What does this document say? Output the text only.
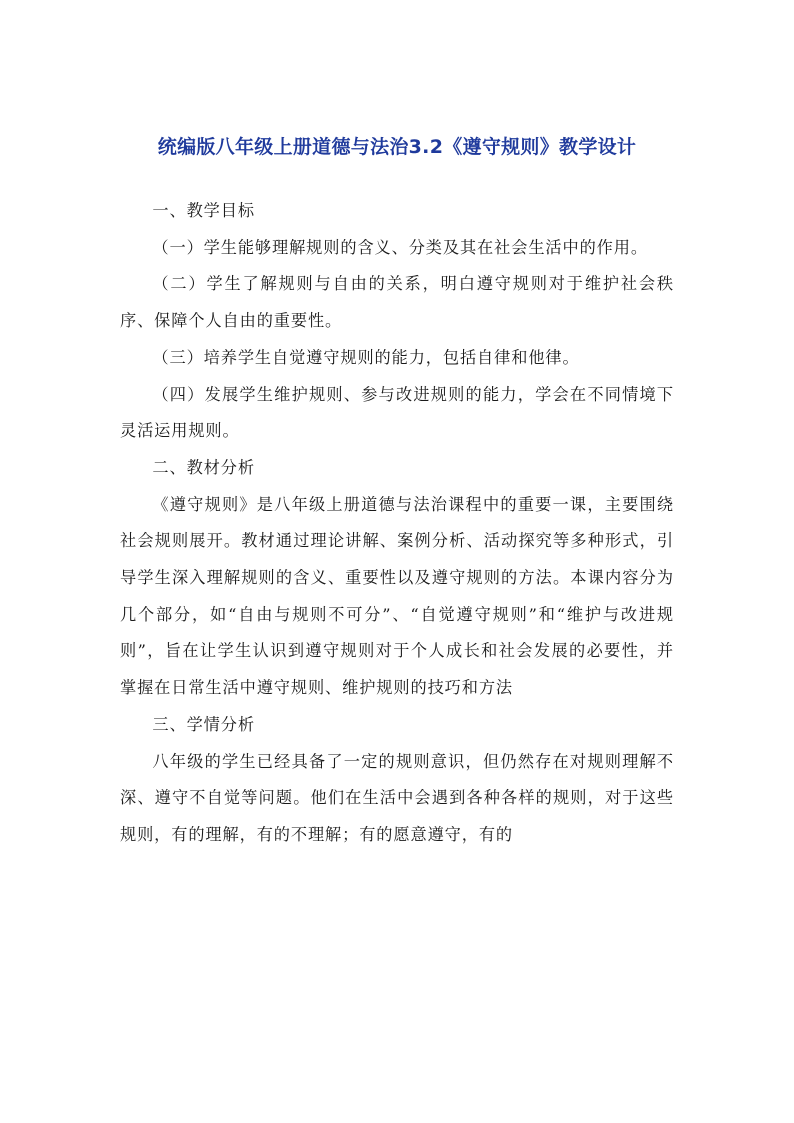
统编版八年级上册道德与法治3.2《遵守规则》教学设计

一、教学目标

（一）学生能够理解规则的含义、分类及其在社会生活中的作用。

（二）学生了解规则与自由的关系，明白遵守规则对于维护社会秩序、保障个人自由的重要性。

（三）培养学生自觉遵守规则的能力，包括自律和他律。

（四）发展学生维护规则、参与改进规则的能力，学会在不同情境下灵活运用规则。

二、教材分析

《遵守规则》是八年级上册道德与法治课程中的重要一课，主要围绕社会规则展开。教材通过理论讲解、案例分析、活动探究等多种形式，引导学生深入理解规则的含义、重要性以及遵守规则的方法。本课内容分为几个部分，如“自由与规则不可分”、“自觉遵守规则”和“维护与改进规则”，旨在让学生认识到遵守规则对于个人成长和社会发展的必要性，并掌握在日常生活中遵守规则、维护规则的技巧和方法

三、学情分析

八年级的学生已经具备了一定的规则意识，但仍然存在对规则理解不深、遵守不自觉等问题。他们在生活中会遇到各种各样的规则，对于这些规则，有的理解，有的不理解；有的愿意遵守，有的
